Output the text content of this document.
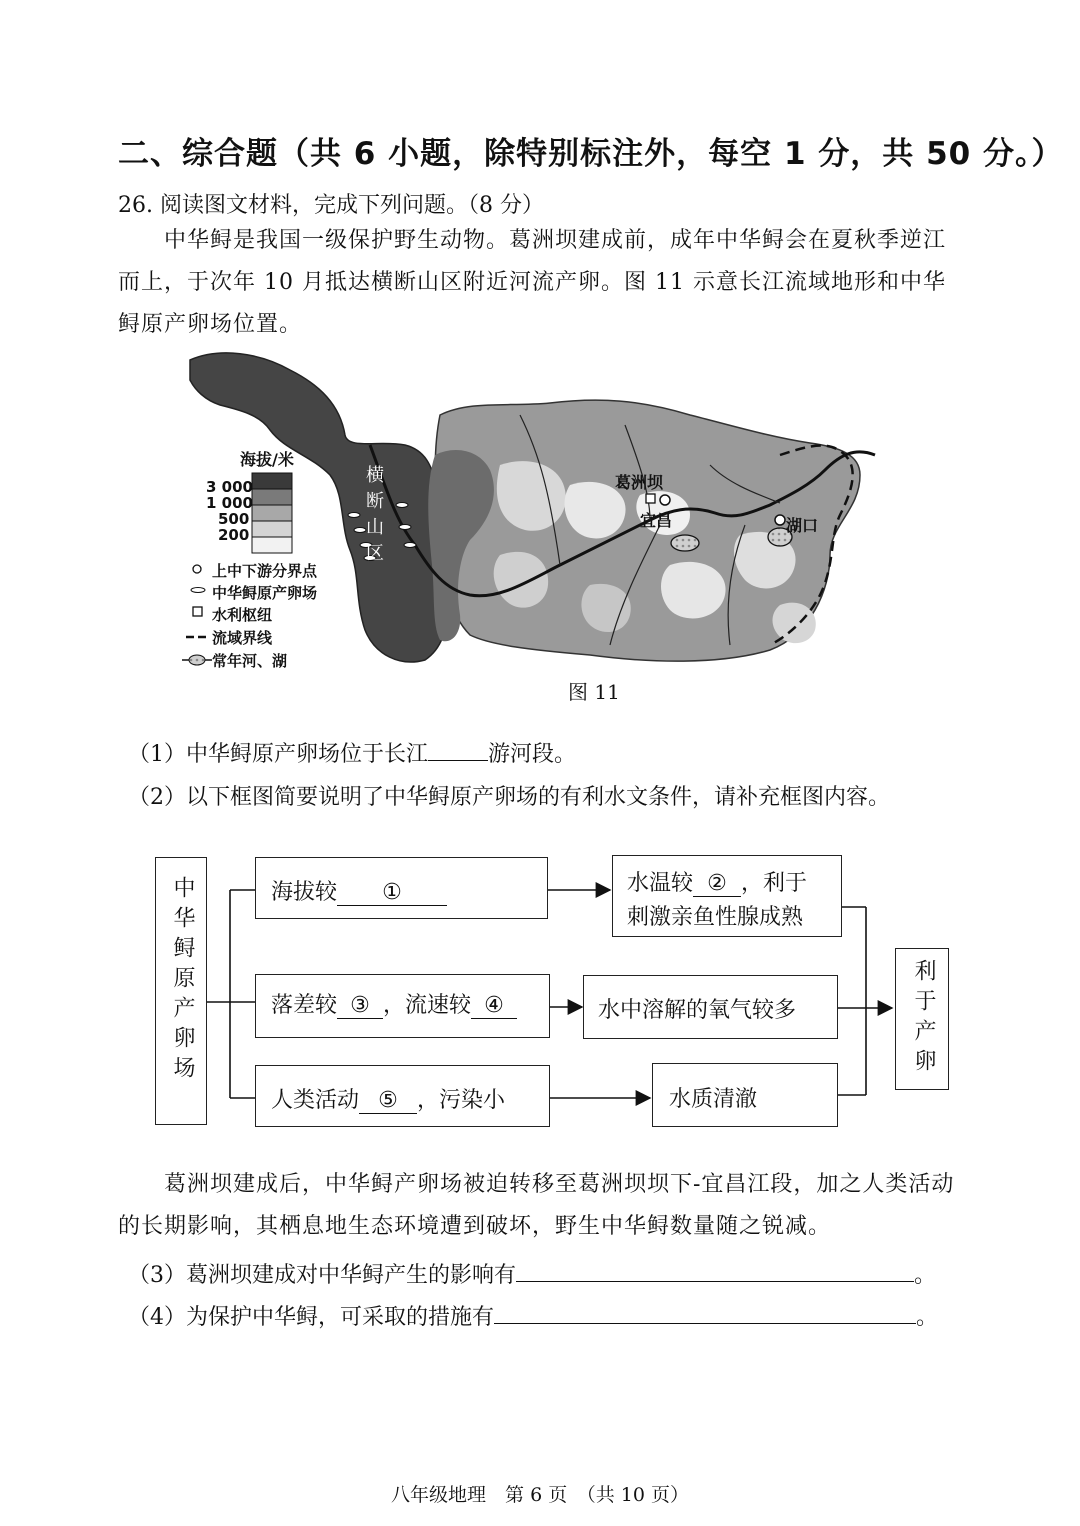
二、综合题（共 6 小题，除特别标注外，每空 1 分，共 50 分。）
26. 阅读图文材料，完成下列问题。（8 分）
中华鲟是我国一级保护野生动物。葛洲坝建成前，成年中华鲟会在夏秋季逆江而上，于次年 10 月抵达横断山区附近河流产卵。图 11 示意长江流域地形和中华鲟原产卵场位置。
海拔/米
3 000
1 000
500
200
上中下游分界点
中华鲟原产卵场
水利枢纽
流域界线
常年河、湖
横断山区
葛洲坝
宜昌	湖口
图 11
（1）中华鲟原产卵场位于长江	游河段。
（2）以下框图简要说明了中华鲟原产卵场的有利水文条件，请补充框图内容。
中华鲟原产卵场	海拔较 ①	水温较 ② ，利于
刺激亲鱼性腺成熟
落差较 ③ ，流速较 ④	水中溶解的氧气较多
人类活动 ⑤ ，污染小	水质清澈
利于产卵
葛洲坝建成后，中华鲟产卵场被迫转移至葛洲坝坝下-宜昌江段，加之人类活动的长期影响，其栖息地生态环境遭到破坏，野生中华鲟数量随之锐减。
（3）葛洲坝建成对中华鲟产生的影响有	。
（4）为保护中华鲟，可采取的措施有	。
八年级地理　第 6 页　（共 10 页）
